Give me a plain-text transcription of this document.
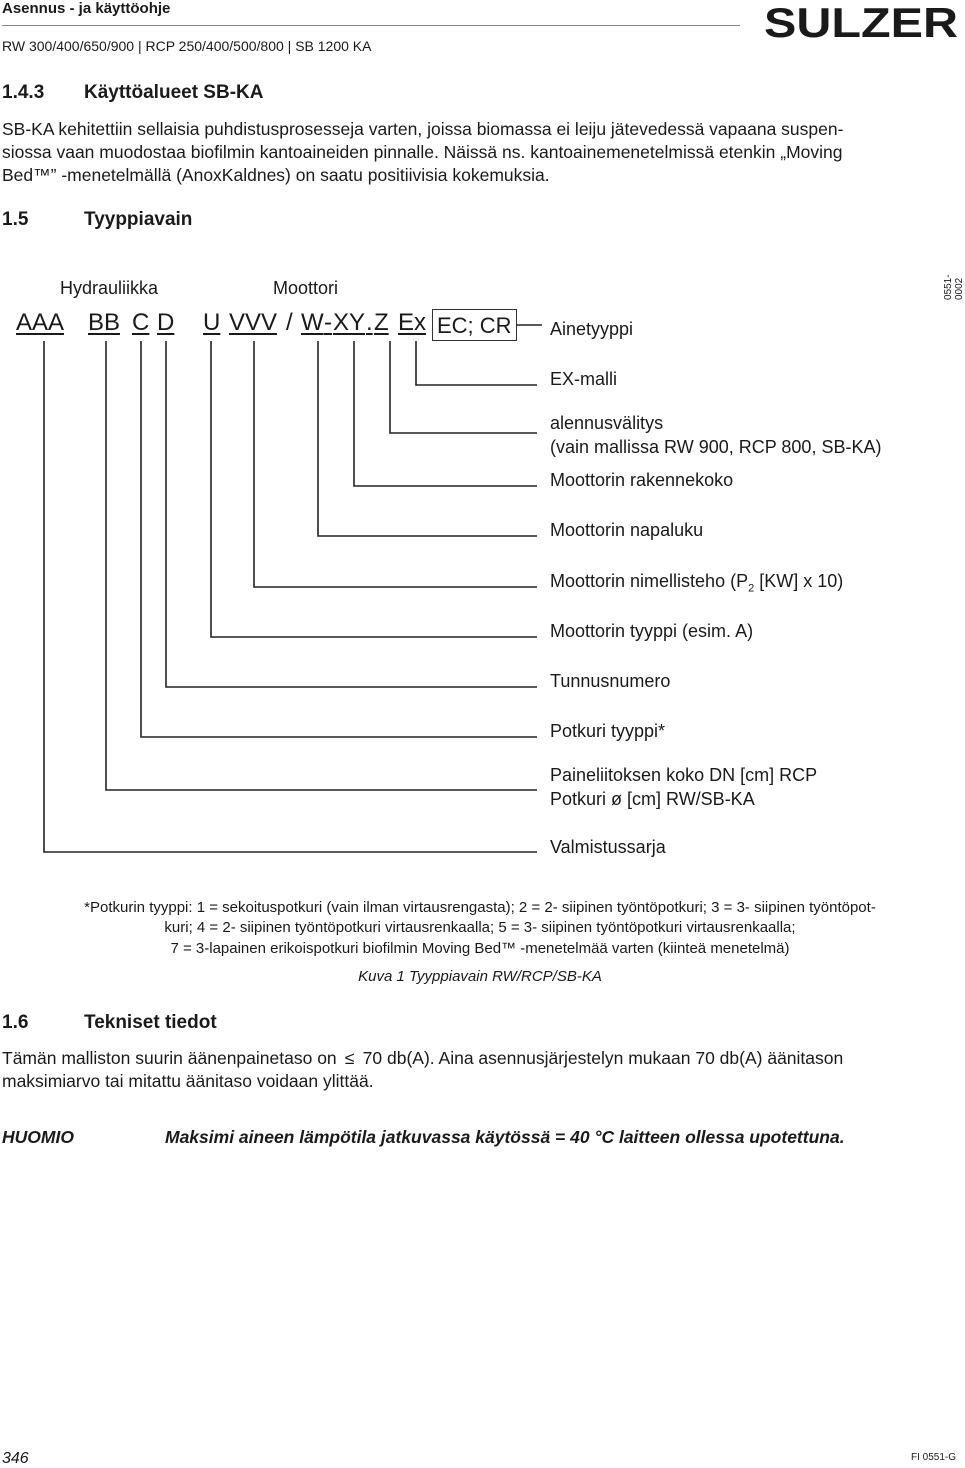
Asennus - ja käyttöohje
RW 300/400/650/900 | RCP 250/400/500/800 | SB 1200 KA	SULZER
1.4.3 Käyttöalueet SB-KA
SB-KA kehitettiin sellaisia puhdistusprosesseja varten, joissa biomassa ei leiju jätevedessä vapaana suspen-
siossa vaan muodostaa biofilmin kantoaineiden pinnalle. Näissä ns. kantoainemenetelmissä etenkin „Moving
Bed™” -menetelmällä (AnoxKaldnes) on saatu positiivisia kokemuksia.
1.5	Tyyppiavain
0551-0002
Hydrauliikka	Moottori
AAA BB C D U VVV / W - XY . Z Ex EC; CR Ainetyyppi
EX-malli
alennusvälitys
(vain mallissa RW 900, RCP 800, SB-KA)
Moottorin rakennekoko
Moottorin napaluku
Moottorin nimellisteho ($P_2$ [KW] x 10)
Moottorin tyyppi (esim. A)
Tunnusnumero
Potkuri tyyppi*
Paineliitoksen koko DN [cm] RCP
Potkuri ø [cm] RW/SB-KA
Valmistussarja
*Potkurin tyyppi: 1 = sekoituspotkuri (vain ilman virtausrengasta); 2 = 2- siipinen työntöpotkuri; 3 = 3- siipinen työntöpot-
kuri; 4 = 2- siipinen työntöpotkuri virtausrenkaalla; 5 = 3- siipinen työntöpotkuri virtausrenkaalla;
7 = 3-lapainen erikoispotkuri biofilmin Moving Bed™ -menetelmää varten (kiinteä menetelmä)
Kuva 1 Tyyppiavain RW/RCP/SB-KA
1.6	Tekniset tiedot
Tämän malliston suurin äänenpainetaso on ≤ 70 db(A). Aina asennusjärjestelyn mukaan 70 db(A) äänitason
maksimiarvo tai mitattu äänitaso voidaan ylittää.
HUOMIO	Maksimi aineen lämpötila jatkuvassa käytössä = 40 °C laitteen ollessa upotettuna.
346	FI 0551-G
